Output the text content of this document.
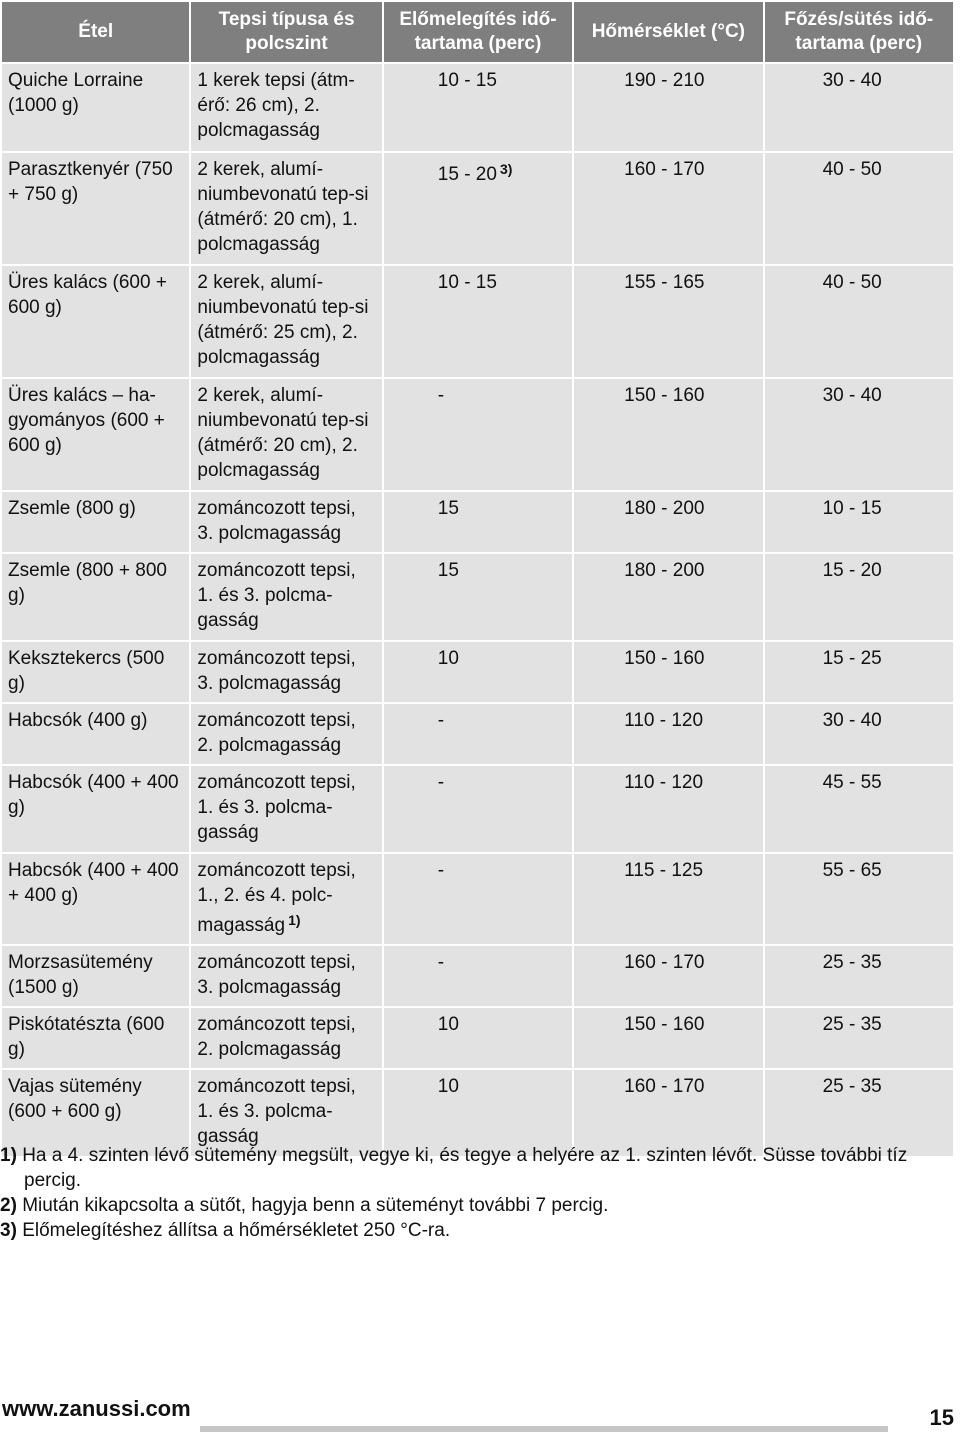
Étel	Tepsi típusa és polcszint	Előmelegítés idő-tartama (perc)	Hőmérséklet (°C)	Főzés/sütés idő-tartama (perc)
Quiche Lorraine (1000 g)	1 kerek tepsi (átm-érő: 26 cm), 2. polcmagasság	10 - 15	190 - 210	30 - 40
Parasztkenyér (750 + 750 g)	2 kerek, alumí-niumbevonatú tep-si (átmérő: 20 cm), 1. polcmagasság	15 - 20 $^{3)}$	160 - 170	40 - 50
Üres kalács (600 + 600 g)	2 kerek, alumí-niumbevonatú tep-si (átmérő: 25 cm), 2. polcmagasság	10 - 15	155 - 165	40 - 50
Üres kalács – ha-gyományos (600 + 600 g)	2 kerek, alumí-niumbevonatú tep-si (átmérő: 20 cm), 2. polcmagasság	-	150 - 160	30 - 40
Zsemle (800 g)	zománcozott tepsi, 3. polcmagasság	15	180 - 200	10 - 15
Zsemle (800 + 800 g)	zománcozott tepsi, 1. és 3. polcma-gasság	15	180 - 200	15 - 20
Keksztekercs (500 g)	zománcozott tepsi, 3. polcmagasság	10	150 - 160	15 - 25
Habcsók (400 g)	zománcozott tepsi, 2. polcmagasság	-	110 - 120	30 - 40
Habcsók (400 + 400 g)	zománcozott tepsi, 1. és 3. polcma-gasság	-	110 - 120	45 - 55
Habcsók (400 + 400 + 400 g)	zománcozott tepsi, 1., 2. és 4. polc-magasság $^{1)}$	-	115 - 125	55 - 65
Morzsasütemény (1500 g)	zománcozott tepsi, 3. polcmagasság	-	160 - 170	25 - 35
Piskótatészta (600 g)	zománcozott tepsi, 2. polcmagasság	10	150 - 160	25 - 35
Vajas sütemény (600 + 600 g)	zománcozott tepsi, 1. és 3. polcma-gasság	10	160 - 170	25 - 35

1) Ha a 4. szinten lévő sütemény megsült, vegye ki, és tegye a helyére az 1. szinten lévőt. Süsse további tíz percig.

2) Miután kikapcsolta a sütőt, hagyja benn a süteményt további 7 percig.

3) Előmelegítéshez állítsa a hőmérsékletet 250 °C-ra.

www.zanussi.com	15
